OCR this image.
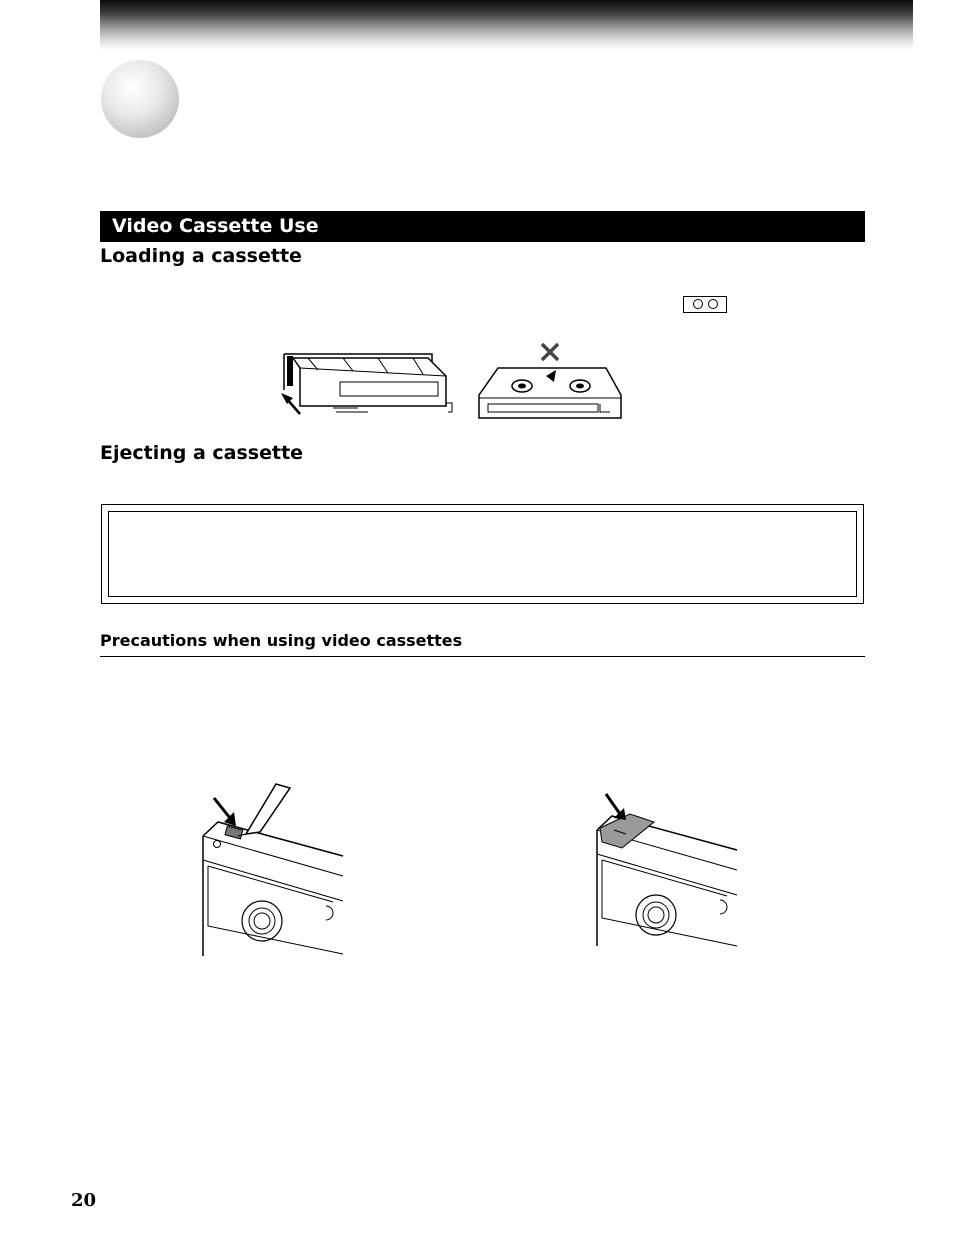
Video Cassette Use
Loading a cassette
Ejecting a cassette
Precautions when using video cassettes
20
